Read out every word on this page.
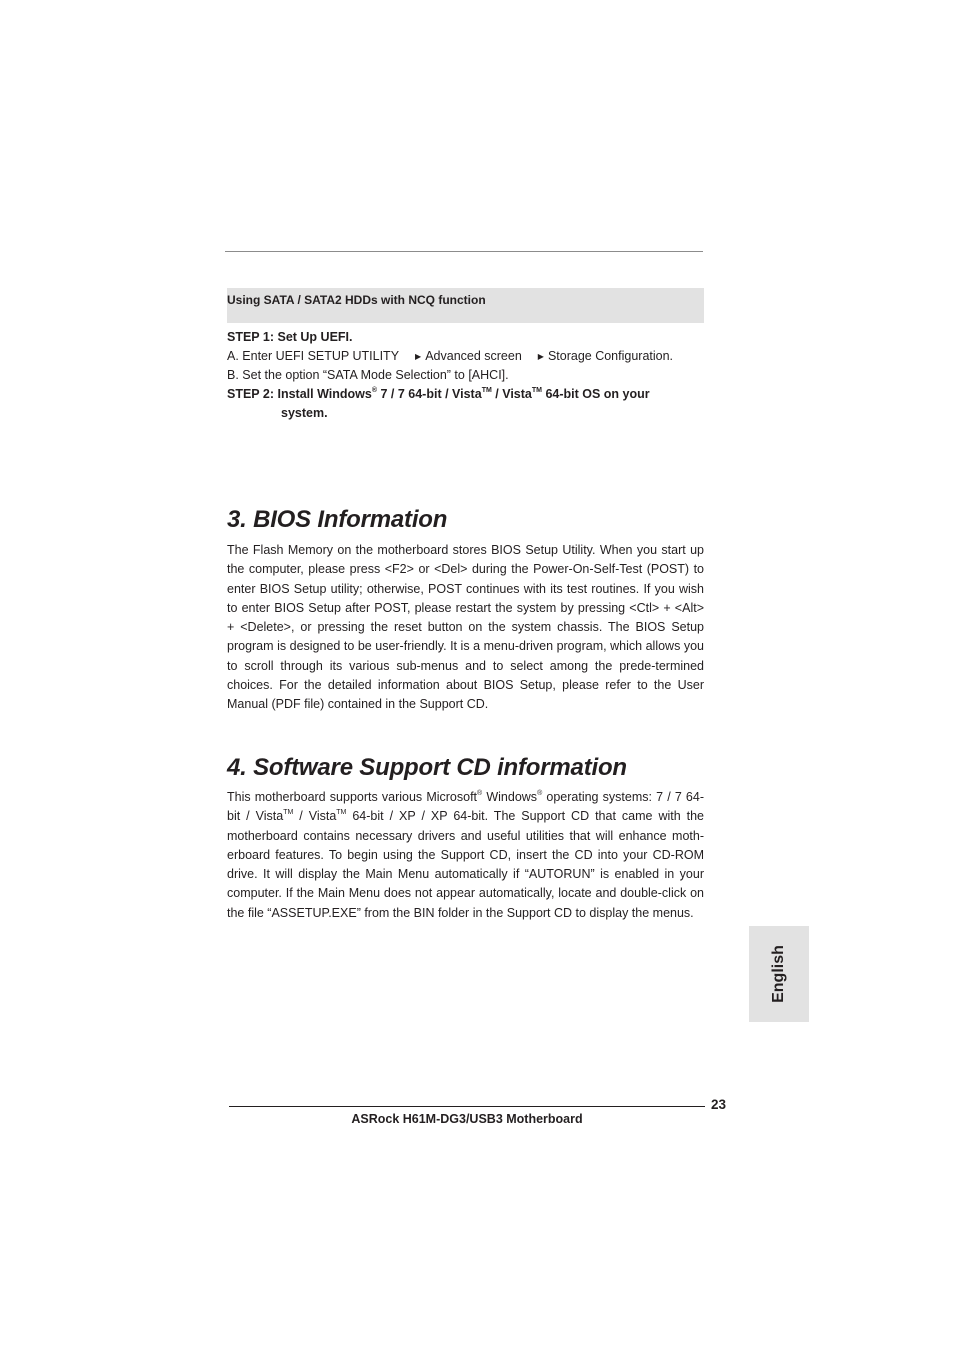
Using SATA / SATA2 HDDs with NCQ function
STEP 1: Set Up UEFI.
A. Enter UEFI SETUP UTILITY ▶ Advanced screen ▶ Storage Configuration.
B. Set the option “SATA Mode Selection” to [AHCI].
STEP 2: Install Windows® 7 / 7 64-bit / Vista™ / Vista™ 64-bit OS on your
system.
3. BIOS Information

The Flash Memory on the motherboard stores BIOS Setup Utility. When you start up the computer, please press <F2> or <Del> during the Power-On-Self-Test (POST) to enter BIOS Setup utility; otherwise, POST continues with its test routines. If you wish to enter BIOS Setup after POST, please restart the system by pressing <Ctl> + <Alt> + <Delete>, or pressing the reset button on the system chassis. The BIOS Setup program is designed to be user-friendly. It is a menu-driven program, which allows you to scroll through its various sub-menus and to select among the prede-termined choices. For the detailed information about BIOS Setup, please refer to the User Manual (PDF file) contained in the Support CD.

4. Software Support CD information

This motherboard supports various Microsoft® Windows® operating systems: 7 / 7 64-bit / Vista™ / Vista™ 64-bit / XP / XP 64-bit. The Support CD that came with the motherboard contains necessary drivers and useful utilities that will enhance moth-erboard features. To begin using the Support CD, insert the CD into your CD-ROM drive. It will display the Main Menu automatically if “AUTORUN” is enabled in your computer. If the Main Menu does not appear automatically, locate and double-click on the file “ASSETUP.EXE” from the BIN folder in the Support CD to display the menus.

English
23
ASRock H61M-DG3/USB3 Motherboard
